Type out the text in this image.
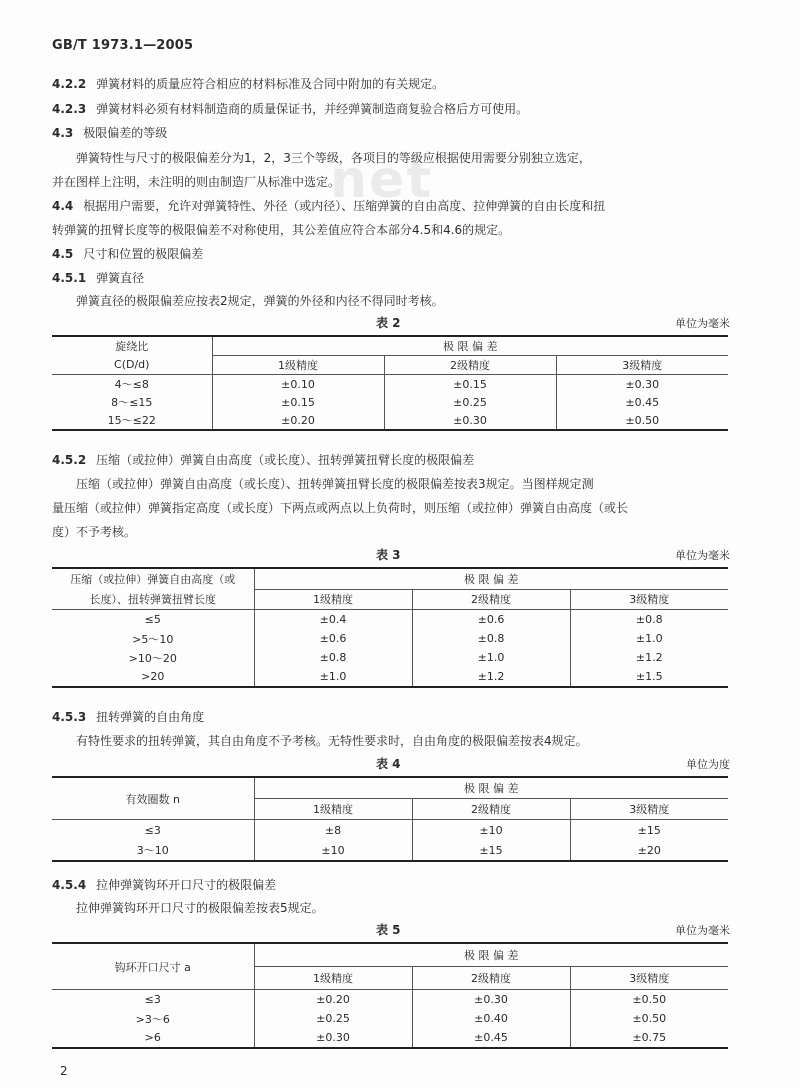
net
GB/T 1973.1—2005
4.2.2 弹簧材料的质量应符合相应的材料标准及合同中附加的有关规定。
4.2.3 弹簧材料必须有材料制造商的质量保证书，并经弹簧制造商复验合格后方可使用。
4.3 极限偏差的等级
弹簧特性与尺寸的极限偏差分为1，2，3三个等级，各项目的等级应根据使用需要分别独立选定，
并在图样上注明，未注明的则由制造厂从标准中选定。
4.4 根据用户需要，允许对弹簧特性、外径（或内径）、压缩弹簧的自由高度、拉伸弹簧的自由长度和扭
转弹簧的扭臂长度等的极限偏差不对称使用，其公差值应符合本部分4.5和4.6的规定。
4.5 尺寸和位置的极限偏差
4.5.1 弹簧直径
弹簧直径的极限偏差应按表2规定，弹簧的外径和内径不得同时考核。
表 2	单位为毫米
旋绕比	极 限 偏 差		
C(D/d)	1级精度	2级精度	3级精度
4～≤8	±0.10	±0.15	±0.30
8～≤15	±0.15	±0.25	±0.45
15～≤22	±0.20	±0.30	±0.50
4.5.2 压缩（或拉伸）弹簧自由高度（或长度）、扭转弹簧扭臂长度的极限偏差
压缩（或拉伸）弹簧自由高度（或长度）、扭转弹簧扭臂长度的极限偏差按表3规定。当图样规定测
量压缩（或拉伸）弹簧指定高度（或长度）下两点或两点以上负荷时，则压缩（或拉伸）弹簧自由高度（或长
度）不予考核。
表 3	单位为毫米
压缩（或拉伸）弹簧自由高度（或	极 限 偏 差		
长度）、扭转弹簧扭臂长度	1级精度	2级精度	3级精度
≤5	±0.4	±0.6	±0.8
>5～10	±0.6	±0.8	±1.0
>10～20	±0.8	±1.0	±1.2
>20	±1.0	±1.2	±1.5
4.5.3 扭转弹簧的自由角度
有特性要求的扭转弹簧，其自由角度不予考核。无特性要求时，自由角度的极限偏差按表4规定。
表 4	单位为度
有效圈数 n	极 限 偏 差		
	1级精度	2级精度	3级精度
≤3	±8	±10	±15
3～10	±10	±15	±20
4.5.4 拉伸弹簧钩环开口尺寸的极限偏差
拉伸弹簧钩环开口尺寸的极限偏差按表5规定。
表 5	单位为毫米
钩环开口尺寸 a	极 限 偏 差		
	1级精度	2级精度	3级精度
≤3	±0.20	±0.30	±0.50
>3～6	±0.25	±0.40	±0.50
>6	±0.30	±0.45	±0.75
2
